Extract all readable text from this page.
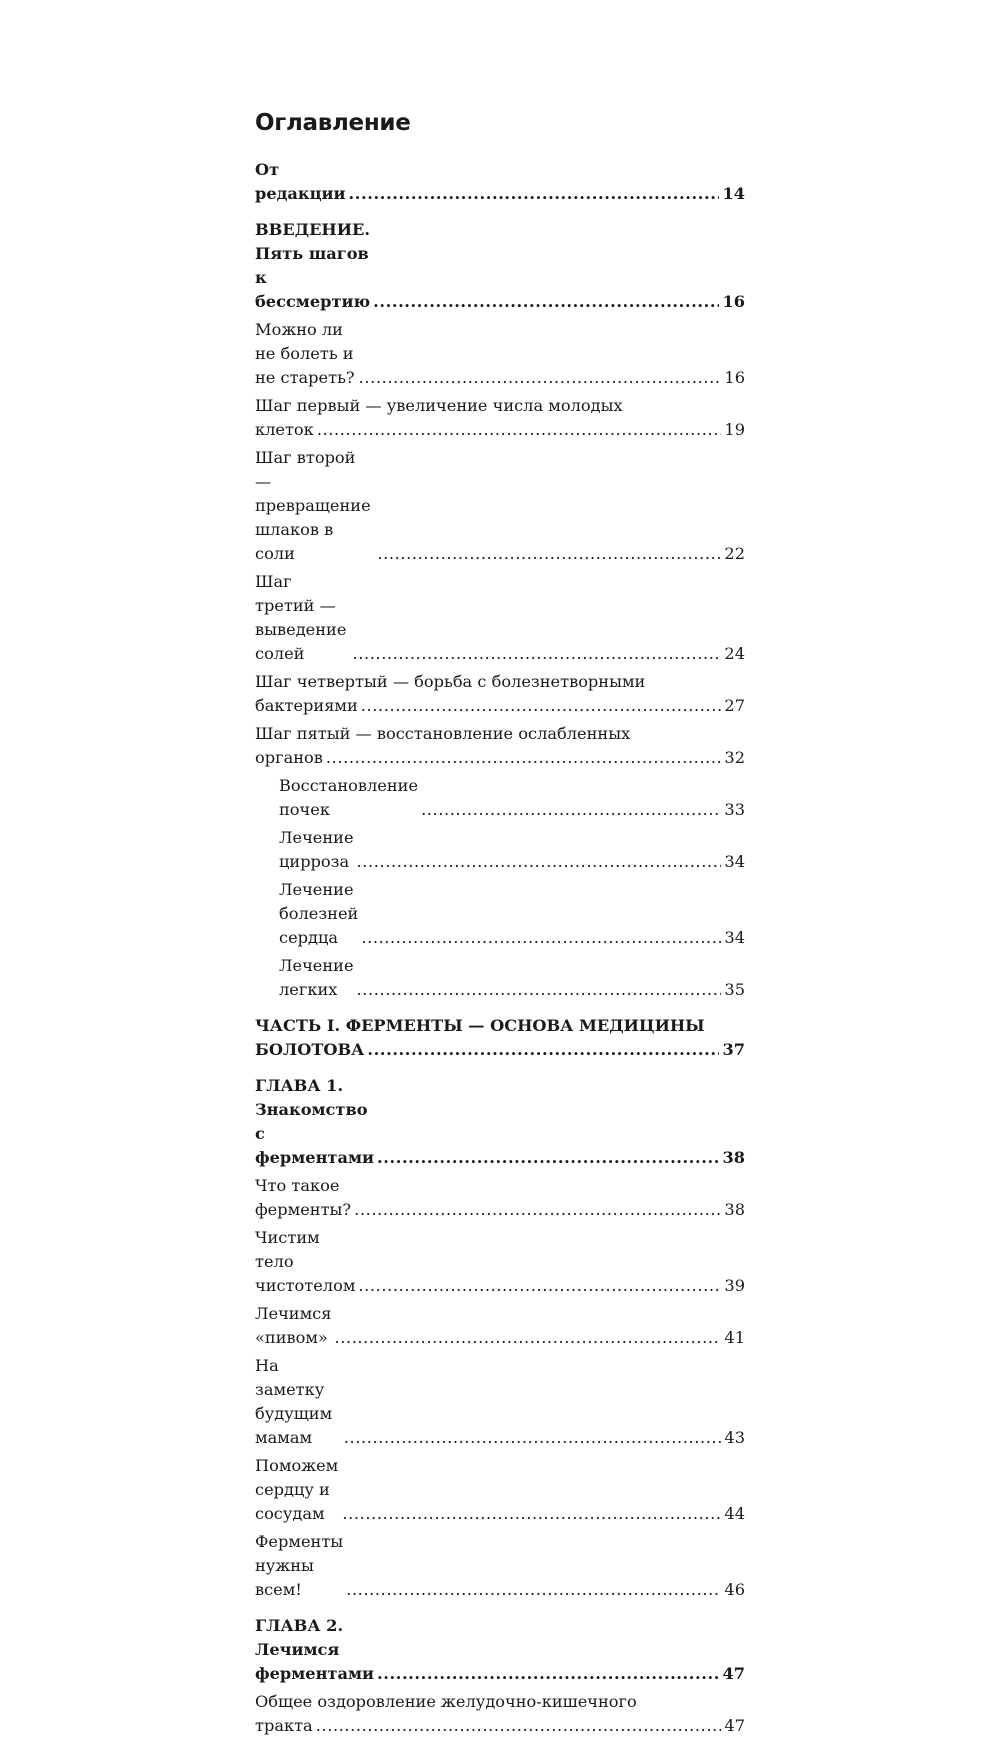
Оглавление
От редакции .....	14
ВВЕДЕНИЕ. Пять шагов к бессмертию .....	16
Можно ли не болеть и не стареть? .....	16
Шаг первый — увеличение числа молодых
клеток .....	19
Шаг второй — превращение шлаков в соли .....	22
Шаг третий — выведение солей .....	24
Шаг четвертый — борьба с болезнетворными
бактериями .....	27
Шаг пятый — восстановление ослабленных
органов .....	32
Восстановление почек .....	33
Лечение цирроза .....	34
Лечение болезней сердца .....	34
Лечение легких .....	35
ЧАСТЬ I. ФЕРМЕНТЫ — ОСНОВА МЕДИЦИНЫ
БОЛОТОВА .....	37
ГЛАВА 1. Знакомство с ферментами .....	38
Что такое ферменты? .....	38
Чистим тело чистотелом .....	39
Лечимся «пивом» .....	41
На заметку будущим мамам .....	43
Поможем сердцу и сосудам .....	44
Ферменты нужны всем! .....	46
ГЛАВА 2. Лечимся ферментами .....	47
Общее оздоровление желудочно-кишечного
тракта .....	47
